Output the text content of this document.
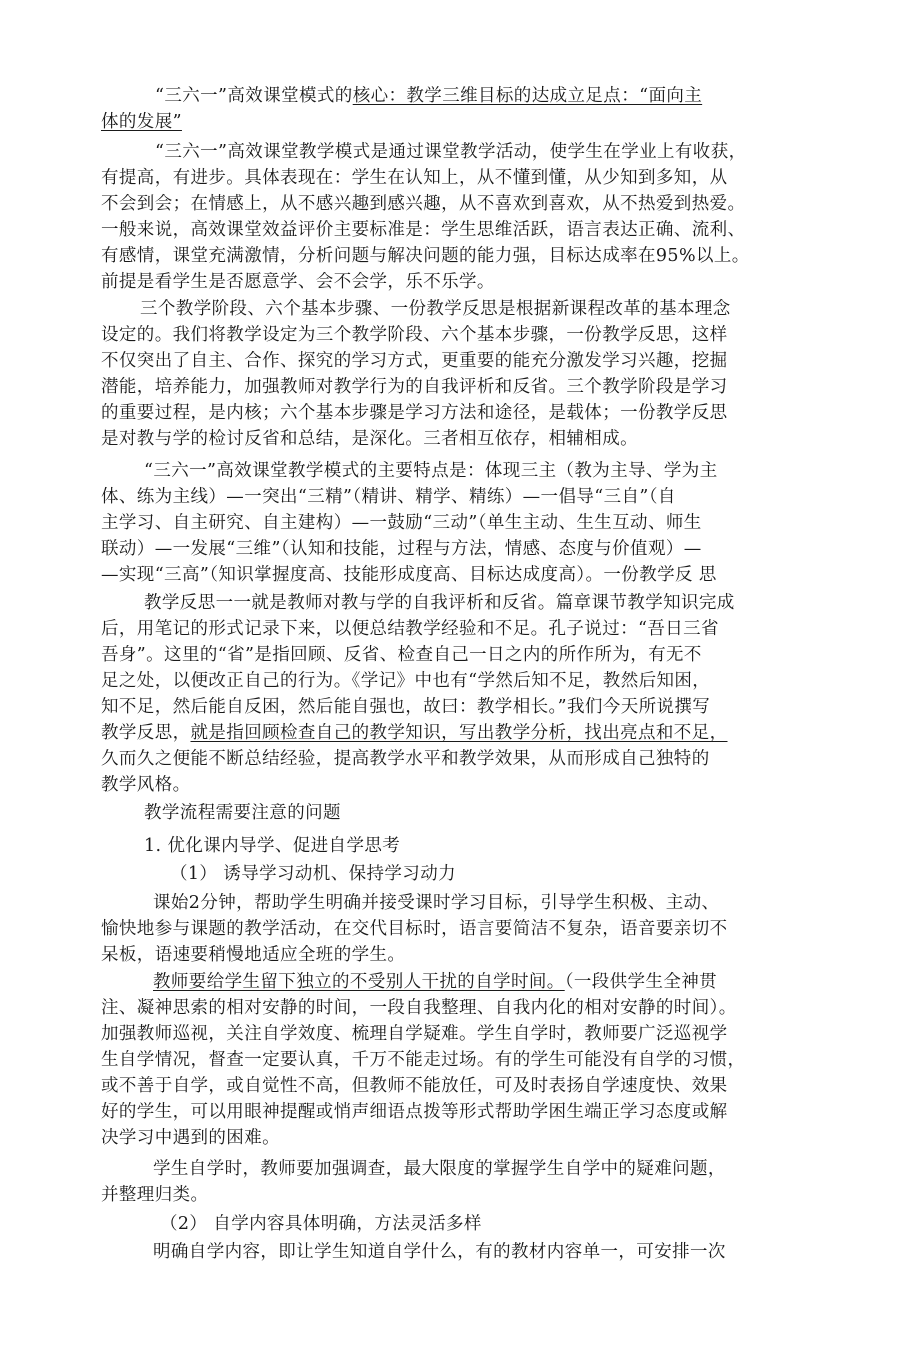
“三六一”高效课堂模式的核心：教学三维目标的达成立足点：“面向主
体的发展”
“三六一”高效课堂教学模式是通过课堂教学活动，使学生在学业上有收获，
有提高，有进步。具体表现在：学生在认知上，从不懂到懂，从少知到多知，从
不会到会；在情感上，从不感兴趣到感兴趣，从不喜欢到喜欢，从不热爱到热爱。
一般来说，高效课堂效益评价主要标准是：学生思维活跃，语言表达正确、流利、
有感情，课堂充满激情，分析问题与解决问题的能力强，目标达成率在95%以上。
前提是看学生是否愿意学、会不会学，乐不乐学。
三个教学阶段、六个基本步骤、一份教学反思是根据新课程改革的基本理念
设定的。我们将教学设定为三个教学阶段、六个基本步骤，一份教学反思，这样
不仅突出了自主、合作、探究的学习方式，更重要的能充分激发学习兴趣，挖掘
潜能，培养能力，加强教师对教学行为的自我评析和反省。三个教学阶段是学习
的重要过程，是内核；六个基本步骤是学习方法和途径，是载体；一份教学反思
是对教与学的检讨反省和总结，是深化。三者相互依存，相辅相成。
“三六一”高效课堂教学模式的主要特点是：体现三主（教为主导、学为主
体、练为主线）—一突出“三精”（精讲、精学、精练）—一倡导“三自”（自
主学习、自主研究、自主建构）—一鼓励“三动”（单生主动、生生互动、师生
联动）—一发展“三维”（认知和技能，过程与方法，情感、态度与价值观）—
—实现“三高”（知识掌握度高、技能形成度高、目标达成度高）。一份教学反 思
教学反思一一就是教师对教与学的自我评析和反省。篇章课节教学知识完成
后，用笔记的形式记录下来，以便总结教学经验和不足。孔子说过：“吾日三省
吾身”。这里的“省”是指回顾、反省、检查自己一日之内的所作所为，有无不
足之处，以便改正自己的行为。《学记》中也有“学然后知不足，教然后知困，
知不足，然后能自反困，然后能自强也，故曰：教学相长。”我们今天所说撰写
教学反思，就是指回顾检查自己的教学知识，写出教学分析，找出亮点和不足，
久而久之便能不断总结经验，提高教学水平和教学效果，从而形成自己独特的
教学风格。
教学流程需要注意的问题
1. 优化课内导学、促进自学思考
（1） 诱导学习动机、保持学习动力
课始2分钟，帮助学生明确并接受课时学习目标，引导学生积极、主动、
愉快地参与课题的教学活动，在交代目标时，语言要简洁不复杂，语音要亲切不
呆板，语速要稍慢地适应全班的学生。
教师要给学生留下独立的不受别人干扰的自学时间。（一段供学生全神贯
注、凝神思索的相对安静的时间，一段自我整理、自我内化的相对安静的时间）。
加强教师巡视，关注自学效度、梳理自学疑难。学生自学时，教师要广泛巡视学
生自学情况，督查一定要认真，千万不能走过场。有的学生可能没有自学的习惯，
或不善于自学，或自觉性不高，但教师不能放任，可及时表扬自学速度快、效果
好的学生，可以用眼神提醒或悄声细语点拨等形式帮助学困生端正学习态度或解
决学习中遇到的困难。
学生自学时，教师要加强调查，最大限度的掌握学生自学中的疑难问题，
并整理归类。
（2） 自学内容具体明确，方法灵活多样
明确自学内容，即让学生知道自学什么，有的教材内容单一，可安排一次
